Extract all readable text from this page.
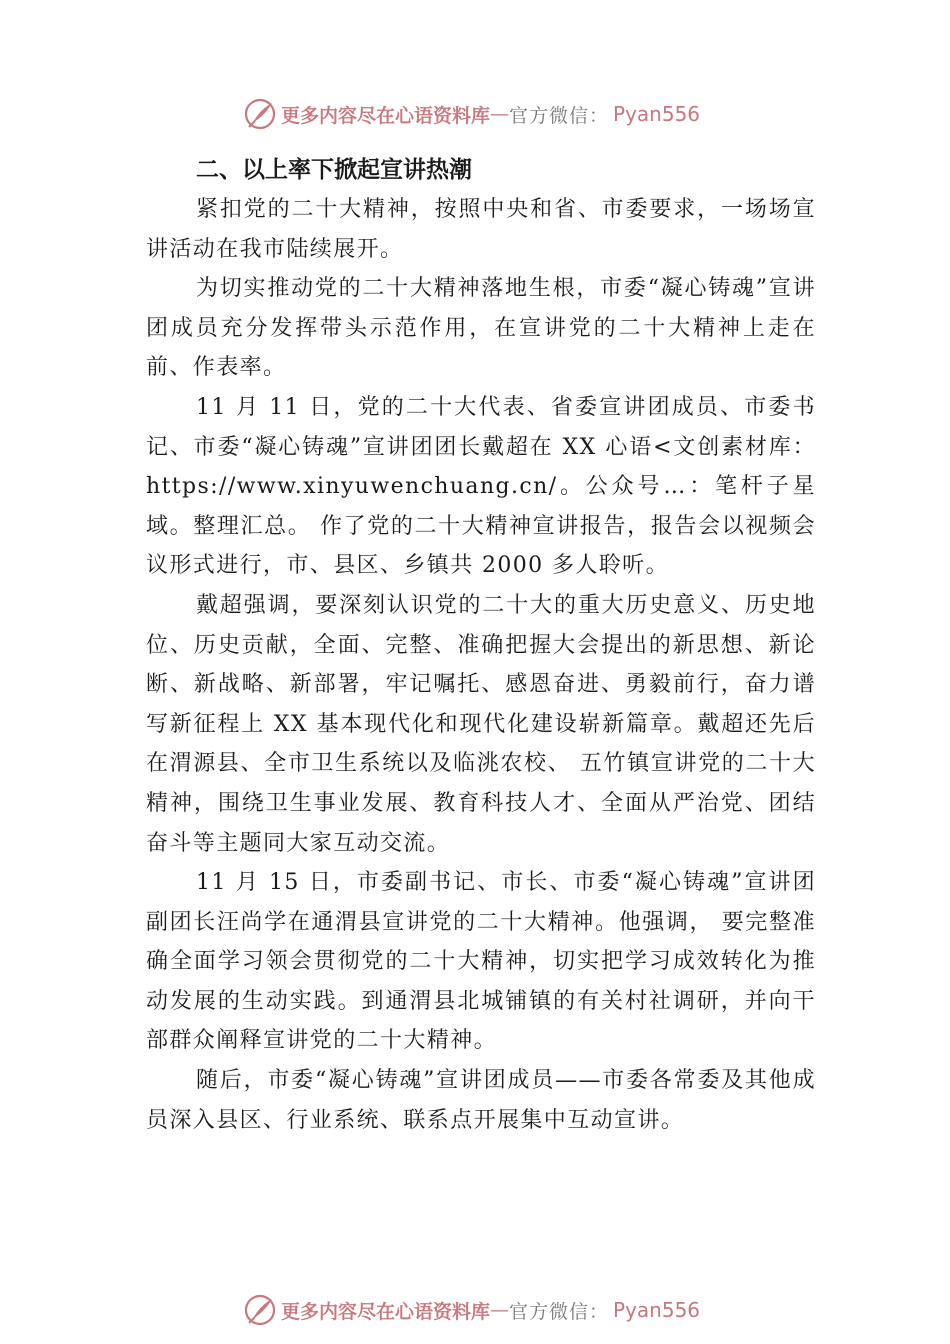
更多内容尽在心语资料库 — 官方微信： Pyan556

二、以上率下掀起宣讲热潮

紧扣党的二十大精神，按照中央和省、市委要求，一场场宣讲活动在我市陆续展开。

为切实推动党的二十大精神落地生根，市委“凝心铸魂”宣讲团成员充分发挥带头示范作用，在宣讲党的二十大精神上走在前、作表率。

11 月 11 日，党的二十大代表、省委宣讲团成员、市委书记、市委“凝心铸魂”宣讲团团长戴超在 XX 心语<文创素材库：https://www.xinyuwenchuang.cn/。公众号…：笔杆子星域。整理汇总。 作了党的二十大精神宣讲报告，报告会以视频会议形式进行，市、县区、乡镇共 2000 多人聆听。

戴超强调，要深刻认识党的二十大的重大历史意义、历史地位、历史贡献，全面、完整、准确把握大会提出的新思想、新论断、新战略、新部署，牢记嘱托、感恩奋进、勇毅前行，奋力谱写新征程上 XX 基本现代化和现代化建设崭新篇章。戴超还先后在渭源县、全市卫生系统以及临洮农校、 五竹镇宣讲党的二十大精神，围绕卫生事业发展、教育科技人才、全面从严治党、团结奋斗等主题同大家互动交流。

11 月 15 日，市委副书记、市长、市委“凝心铸魂”宣讲团副团长汪尚学在通渭县宣讲党的二十大精神。他强调， 要完整准确全面学习领会贯彻党的二十大精神，切实把学习成效转化为推动发展的生动实践。到通渭县北城铺镇的有关村社调研，并向干部群众阐释宣讲党的二十大精神。

随后，市委“凝心铸魂”宣讲团成员——市委各常委及其他成员深入县区、行业系统、联系点开展集中互动宣讲。

更多内容尽在心语资料库 — 官方微信： Pyan556
